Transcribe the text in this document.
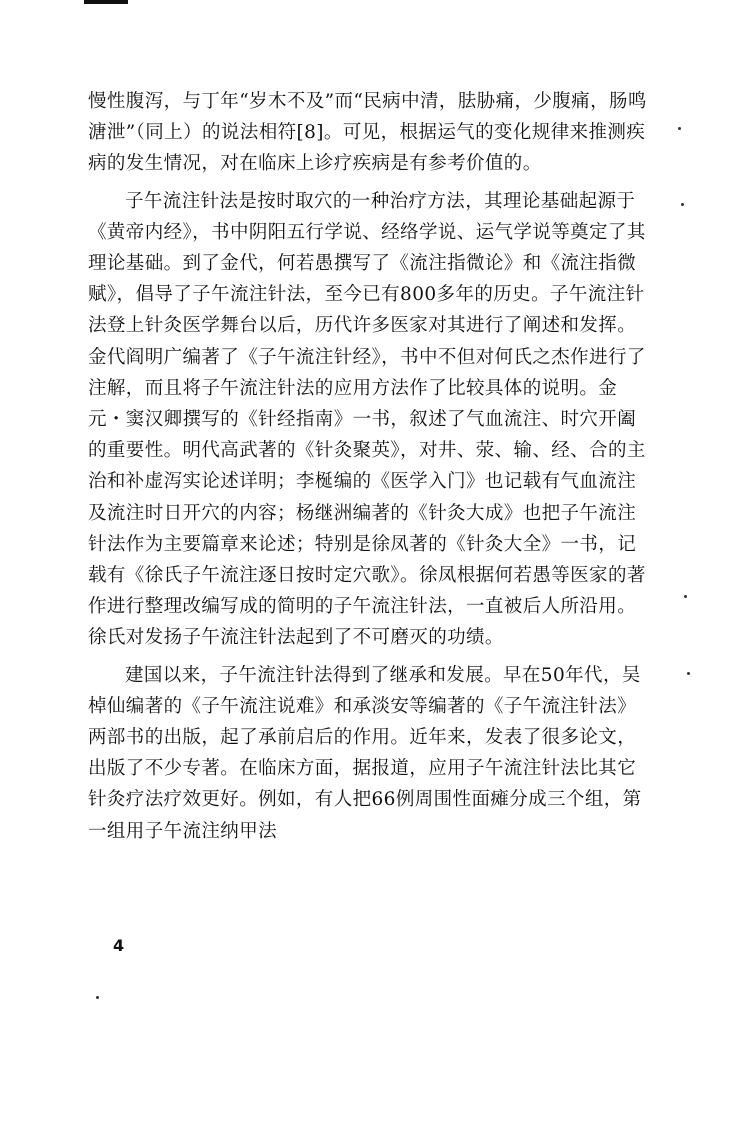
慢性腹泻，与丁年“岁木不及”而“民病中清，胠胁痛，少腹痛，肠鸣溏泄”（同上）的说法相符[8]。可见，根据运气的变化规律来推测疾病的发生情况，对在临床上诊疗疾病是有参考价值的。

子午流注针法是按时取穴的一种治疗方法，其理论基础起源于《黄帝内经》，书中阴阳五行学说、经络学说、运气学说等奠定了其理论基础。到了金代，何若愚撰写了《流注指微论》和《流注指微赋》，倡导了子午流注针法，至今已有800多年的历史。子午流注针法登上针灸医学舞台以后，历代许多医家对其进行了阐述和发挥。金代阎明广编著了《子午流注针经》，书中不但对何氏之杰作进行了注解，而且将子午流注针法的应用方法作了比较具体的说明。金元・窦汉卿撰写的《针经指南》一书，叙述了气血流注、时穴开阖的重要性。明代高武著的《针灸聚英》，对井、荥、输、经、合的主治和补虚泻实论述详明；李梴编的《医学入门》也记载有气血流注及流注时日开穴的内容；杨继洲编著的《针灸大成》也把子午流注针法作为主要篇章来论述；特别是徐凤著的《针灸大全》一书，记载有《徐氏子午流注逐日按时定穴歌》。徐凤根据何若愚等医家的著作进行整理改编写成的简明的子午流注针法，一直被后人所沿用。徐氏对发扬子午流注针法起到了不可磨灭的功绩。

建国以来，子午流注针法得到了继承和发展。早在50年代，吴棹仙编著的《子午流注说难》和承淡安等编著的《子午流注针法》两部书的出版，起了承前启后的作用。近年来，发表了很多论文，出版了不少专著。在临床方面，据报道，应用子午流注针法比其它针灸疗法疗效更好。例如，有人把66例周围性面瘫分成三个组，第一组用子午流注纳甲法

4
